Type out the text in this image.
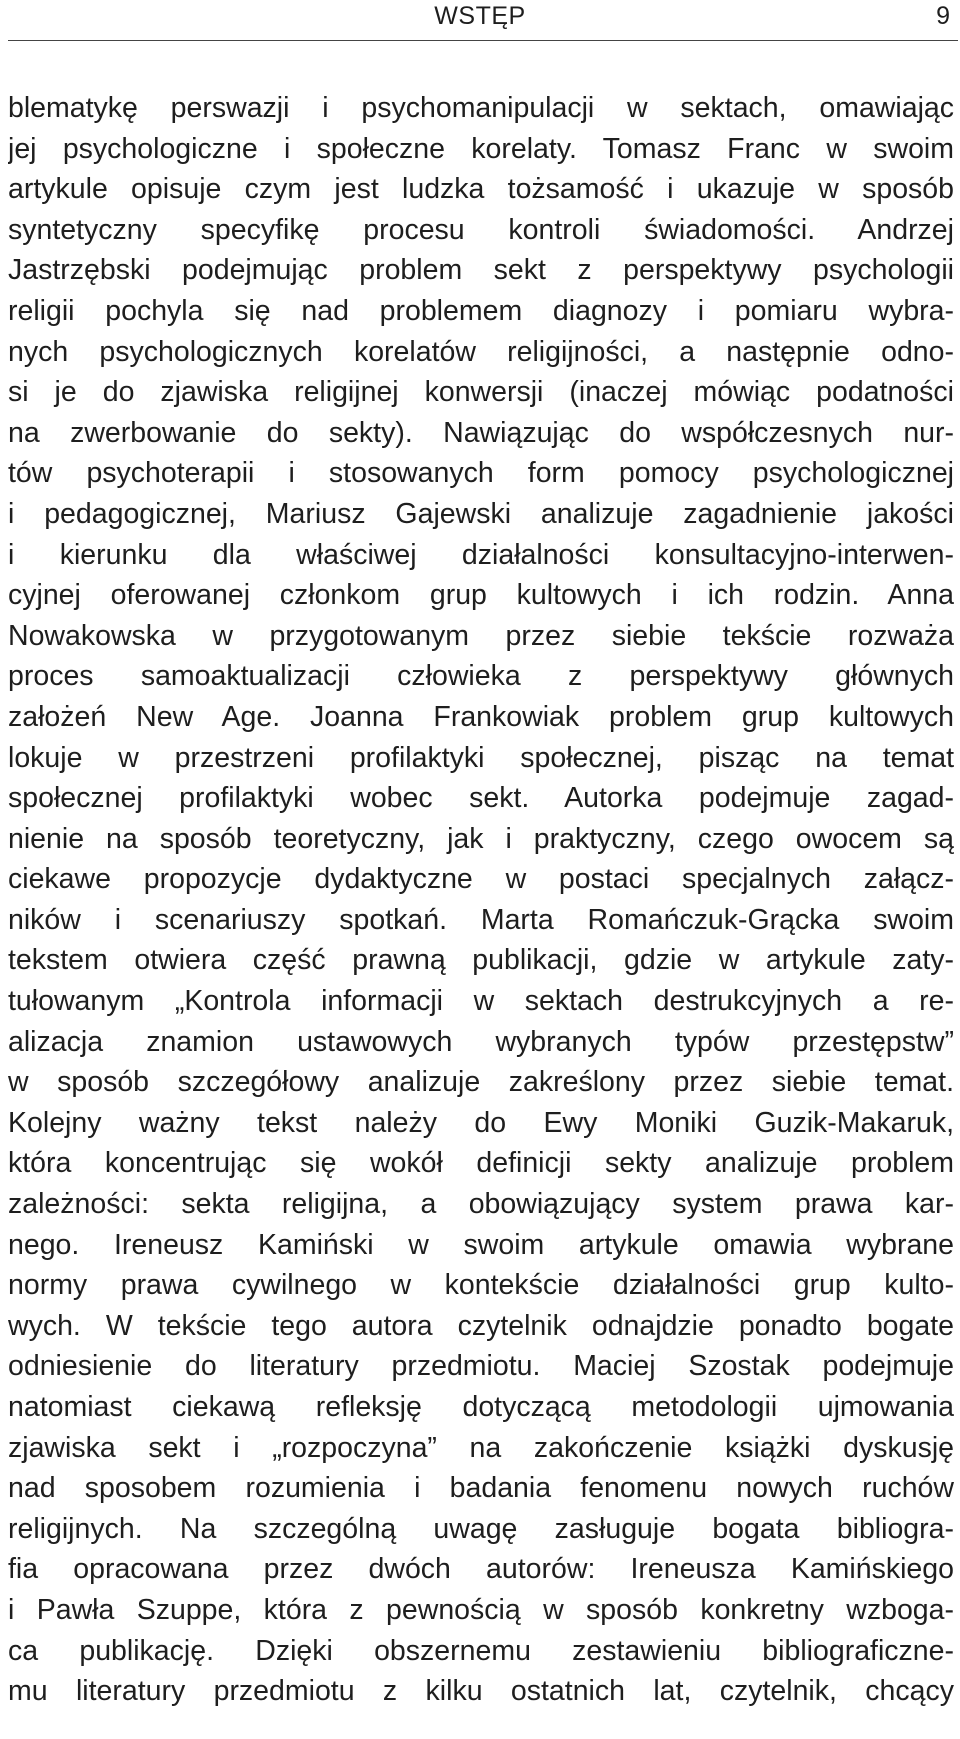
WSTĘP	9
blematykę perswazji i psychomanipulacji w sektach, omawiając
jej psychologiczne i społeczne korelaty. Tomasz Franc w swoim
artykule opisuje czym jest ludzka tożsamość i ukazuje w sposób
syntetyczny specyfikę procesu kontroli świadomości. Andrzej
Jastrzębski podejmując problem sekt z perspektywy psychologii
religii pochyla się nad problemem diagnozy i pomiaru wybra-
nych psychologicznych korelatów religijności, a następnie odno-
si je do zjawiska religijnej konwersji (inaczej mówiąc podatności
na zwerbowanie do sekty). Nawiązując do współczesnych nur-
tów psychoterapii i stosowanych form pomocy psychologicznej
i pedagogicznej, Mariusz Gajewski analizuje zagadnienie jakości
i kierunku dla właściwej działalności konsultacyjno-interwen-
cyjnej oferowanej członkom grup kultowych i ich rodzin. Anna
Nowakowska w przygotowanym przez siebie tekście rozważa
proces samoaktualizacji człowieka z perspektywy głównych
założeń New Age. Joanna Frankowiak problem grup kultowych
lokuje w przestrzeni profilaktyki społecznej, pisząc na temat
społecznej profilaktyki wobec sekt. Autorka podejmuje zagad-
nienie na sposób teoretyczny, jak i praktyczny, czego owocem są
ciekawe propozycje dydaktyczne w postaci specjalnych załącz-
ników i scenariuszy spotkań. Marta Romańczuk-Grącka swoim
tekstem otwiera część prawną publikacji, gdzie w artykule zaty-
tułowanym „Kontrola informacji w sektach destrukcyjnych a re-
alizacja znamion ustawowych wybranych typów przestępstw”
w sposób szczegółowy analizuje zakreślony przez siebie temat.
Kolejny ważny tekst należy do Ewy Moniki Guzik-Makaruk,
która koncentrując się wokół definicji sekty analizuje problem
zależności: sekta religijna, a obowiązujący system prawa kar-
nego. Ireneusz Kamiński w swoim artykule omawia wybrane
normy prawa cywilnego w kontekście działalności grup kulto-
wych. W tekście tego autora czytelnik odnajdzie ponadto bogate
odniesienie do literatury przedmiotu. Maciej Szostak podejmuje
natomiast ciekawą refleksję dotyczącą metodologii ujmowania
zjawiska sekt i „rozpoczyna” na zakończenie książki dyskusję
nad sposobem rozumienia i badania fenomenu nowych ruchów
religijnych. Na szczególną uwagę zasługuje bogata bibliogra-
fia opracowana przez dwóch autorów: Ireneusza Kamińskiego
i Pawła Szuppe, która z pewnością w sposób konkretny wzboga-
ca publikację. Dzięki obszernemu zestawieniu bibliograficzne-
mu literatury przedmiotu z kilku ostatnich lat, czytelnik, chcący
